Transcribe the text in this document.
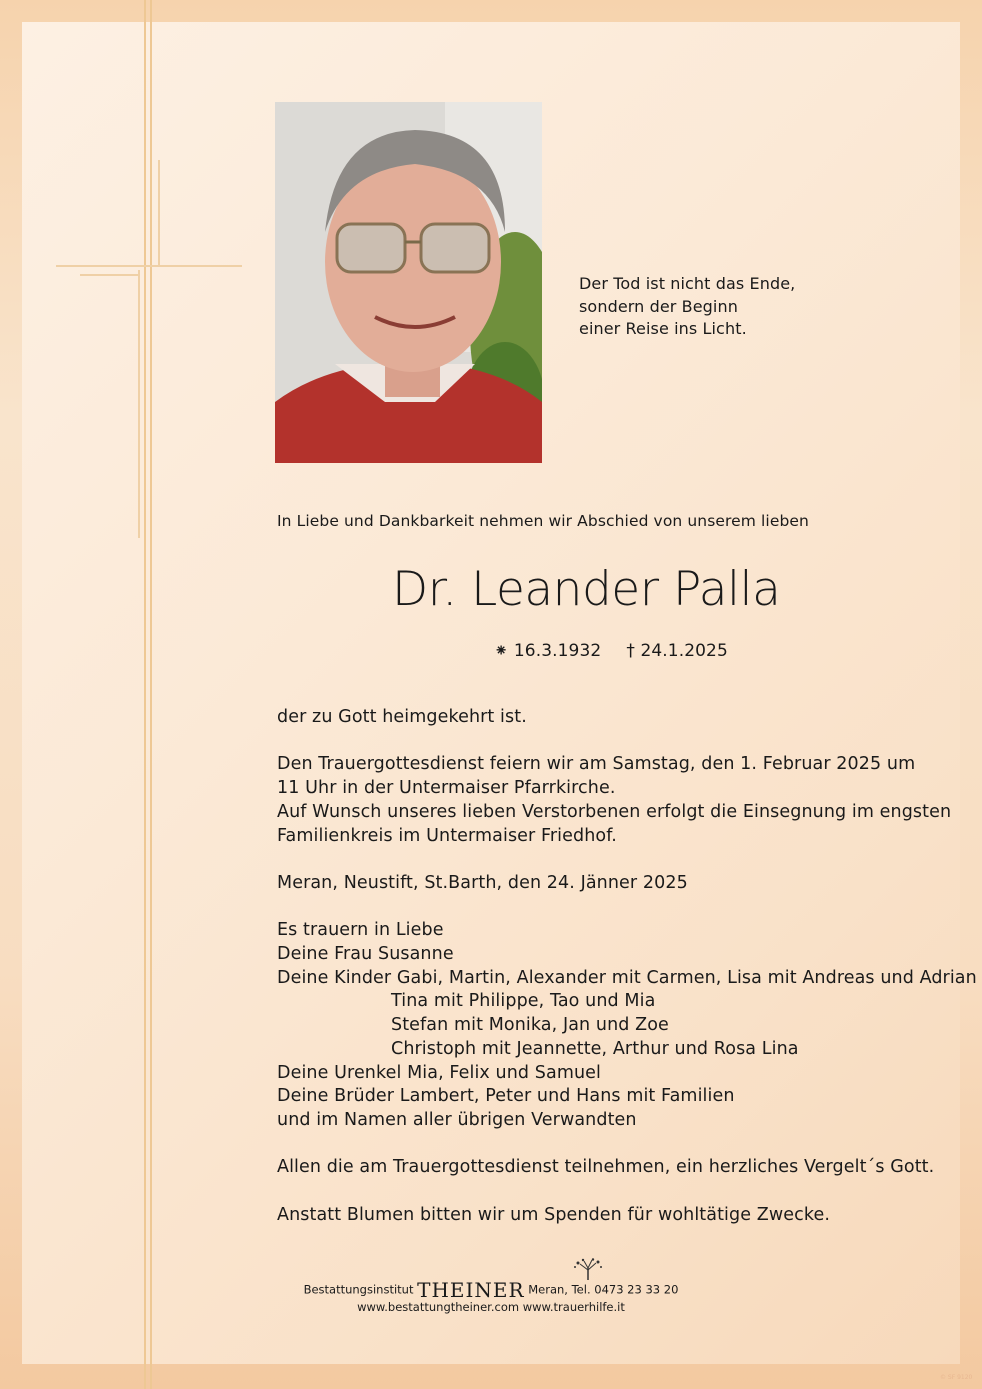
Der Tod ist nicht das Ende,
sondern der Beginn
einer Reise ins Licht.
In Liebe und Dankbarkeit nehmen wir Abschied von unserem lieben
Dr. Leander Palla
⁕ 16.3.1932 † 24.1.2025
der zu Gott heimgekehrt ist.
Den Trauergottesdienst feiern wir am Samstag, den 1. Februar 2025 um
11 Uhr in der Untermaiser Pfarrkirche.
Auf Wunsch unseres lieben Verstorbenen erfolgt die Einsegnung im engsten
Familienkreis im Untermaiser Friedhof.
Meran, Neustift, St.Barth, den 24. Jänner 2025
Es trauern in Liebe
Deine Frau Susanne
Deine Kinder Gabi, Martin, Alexander mit Carmen, Lisa mit Andreas und Adrian
Tina mit Philippe, Tao und Mia
Stefan mit Monika, Jan und Zoe
Christoph mit Jeannette, Arthur und Rosa Lina
Deine Urenkel Mia, Felix und Samuel
Deine Brüder Lambert, Peter und Hans mit Familien
und im Namen aller übrigen Verwandten
Allen die am Trauergottesdienst teilnehmen, ein herzliches Vergelt´s Gott.
Anstatt Blumen bitten wir um Spenden für wohltätige Zwecke.
Bestattungsinstitut THEINER Meran, Tel. 0473 23 33 20
www.bestattungtheiner.com www.trauerhilfe.it
© SF 9120
